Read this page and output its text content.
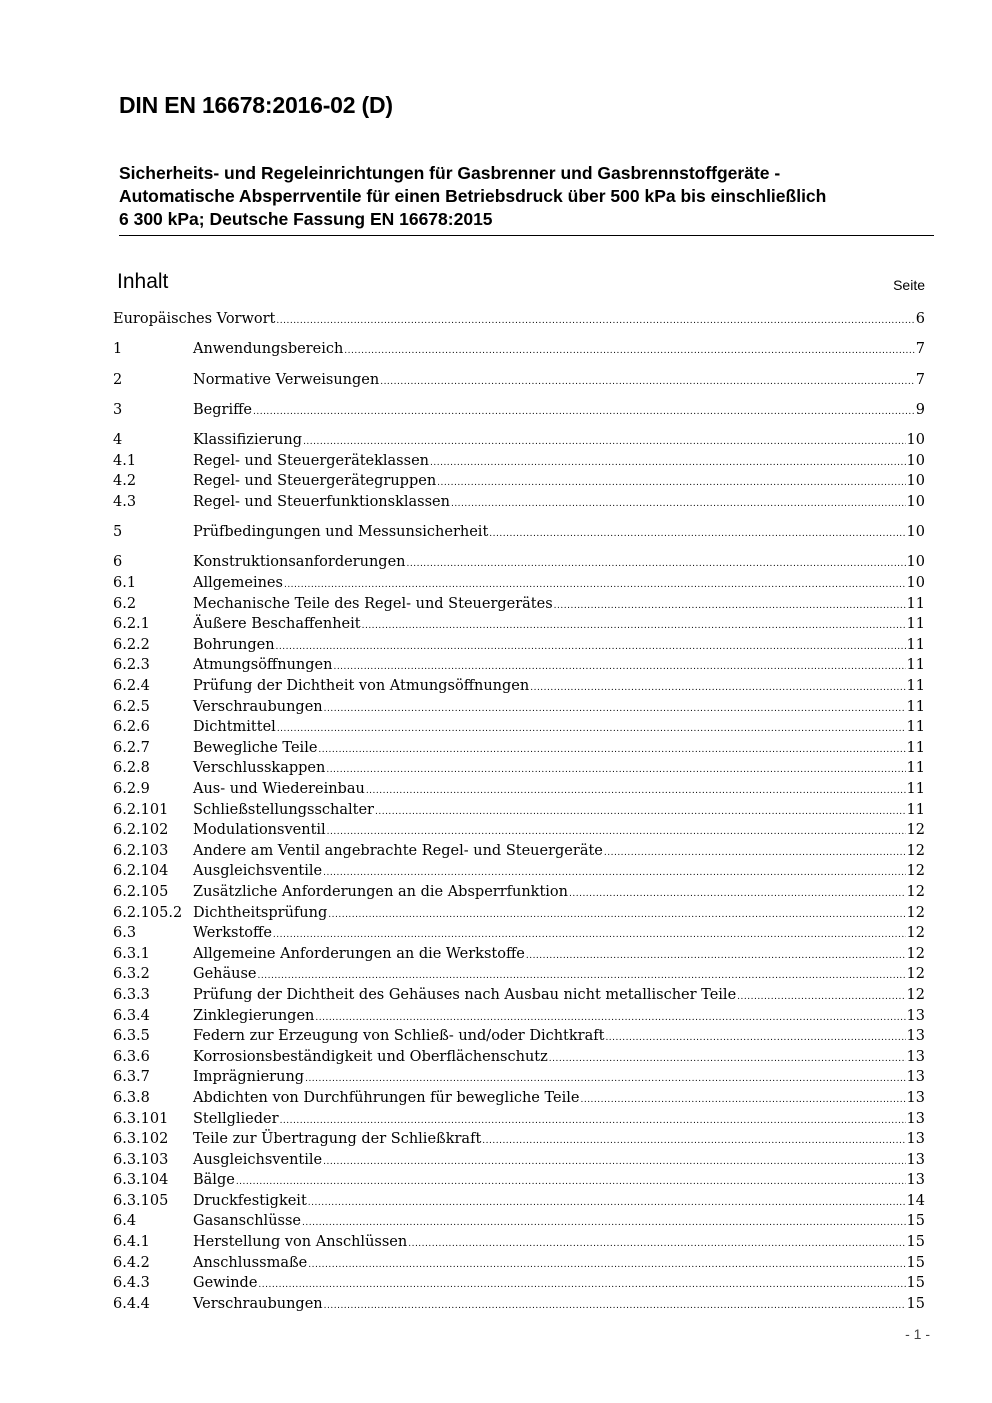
DIN EN 16678:2016-02 (D)
Sicherheits- und Regeleinrichtungen für Gasbrenner und Gasbrennstoffgeräte -
Automatische Absperrventile für einen Betriebsdruck über 500 kPa bis einschließlich
6 300 kPa; Deutsche Fassung EN 16678:2015
Inhalt	Seite
Europäisches Vorwort .....	6
1	Anwendungsbereich .....	7
2	Normative Verweisungen .....	7
3	Begriffe .....	9
4	Klassifizierung .....	10
4.1	Regel- und Steuergeräteklassen .....	10
4.2	Regel- und Steuergerätegruppen .....	10
4.3	Regel- und Steuerfunktionsklassen .....	10
5	Prüfbedingungen und Messunsicherheit .....	10
6	Konstruktionsanforderungen .....	10
6.1	Allgemeines .....	10
6.2	Mechanische Teile des Regel- und Steuergerätes .....	11
6.2.1	Äußere Beschaffenheit .....	11
6.2.2	Bohrungen .....	11
6.2.3	Atmungsöffnungen .....	11
6.2.4	Prüfung der Dichtheit von Atmungsöffnungen .....	11
6.2.5	Verschraubungen .....	11
6.2.6	Dichtmittel .....	11
6.2.7	Bewegliche Teile .....	11
6.2.8	Verschlusskappen .....	11
6.2.9	Aus- und Wiedereinbau .....	11
6.2.101	Schließstellungsschalter .....	11
6.2.102	Modulationsventil .....	12
6.2.103	Andere am Ventil angebrachte Regel- und Steuergeräte .....	12
6.2.104	Ausgleichsventile .....	12
6.2.105	Zusätzliche Anforderungen an die Absperrfunktion .....	12
6.2.105.2 Dichtheitsprüfung .....	12
6.3	Werkstoffe .....	12
6.3.1	Allgemeine Anforderungen an die Werkstoffe .....	12
6.3.2	Gehäuse .....	12
6.3.3	Prüfung der Dichtheit des Gehäuses nach Ausbau nicht metallischer Teile .....	12
6.3.4	Zinklegierungen .....	13
6.3.5	Federn zur Erzeugung von Schließ- und/oder Dichtkraft .....	13
6.3.6	Korrosionsbeständigkeit und Oberflächenschutz .....	13
6.3.7	Imprägnierung .....	13
6.3.8	Abdichten von Durchführungen für bewegliche Teile .....	13
6.3.101	Stellglieder .....	13
6.3.102	Teile zur Übertragung der Schließkraft .....	13
6.3.103	Ausgleichsventile .....	13
6.3.104	Bälge .....	13
6.3.105	Druckfestigkeit .....	14
6.4	Gasanschlüsse .....	15
6.4.1	Herstellung von Anschlüssen .....	15
6.4.2	Anschlussmaße .....	15
6.4.3	Gewinde .....	15
6.4.4	Verschraubungen .....	15
- 1 -
